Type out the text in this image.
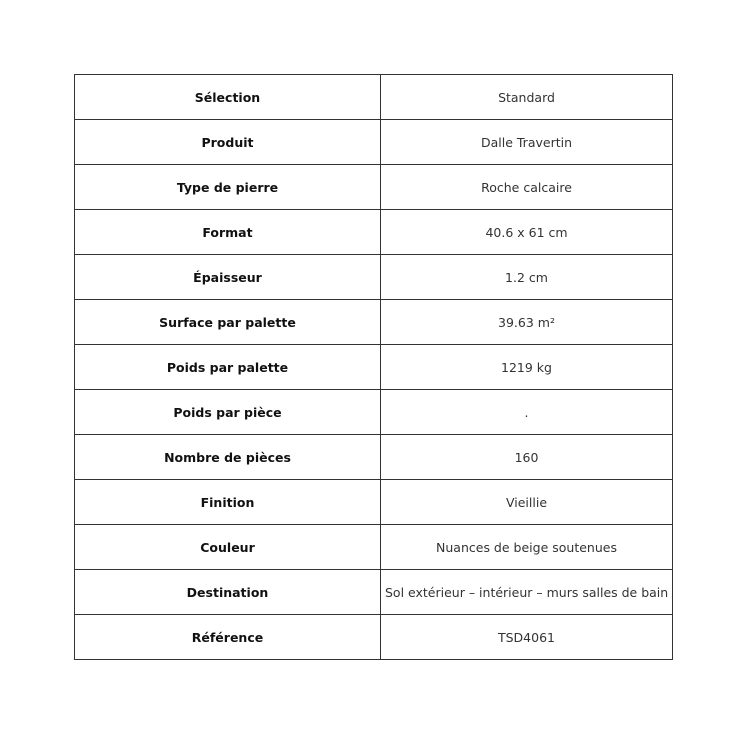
Sélection	Standard
Produit	Dalle Travertin
Type de pierre	Roche calcaire
Format	40.6 x 61 cm
Épaisseur	1.2 cm
Surface par palette	39.63 m²
Poids par palette	1219 kg
Poids par pièce	.
Nombre de pièces	160
Finition	Vieillie
Couleur	Nuances de beige soutenues
Destination	Sol extérieur – intérieur – murs salles de bain
Référence	TSD4061
